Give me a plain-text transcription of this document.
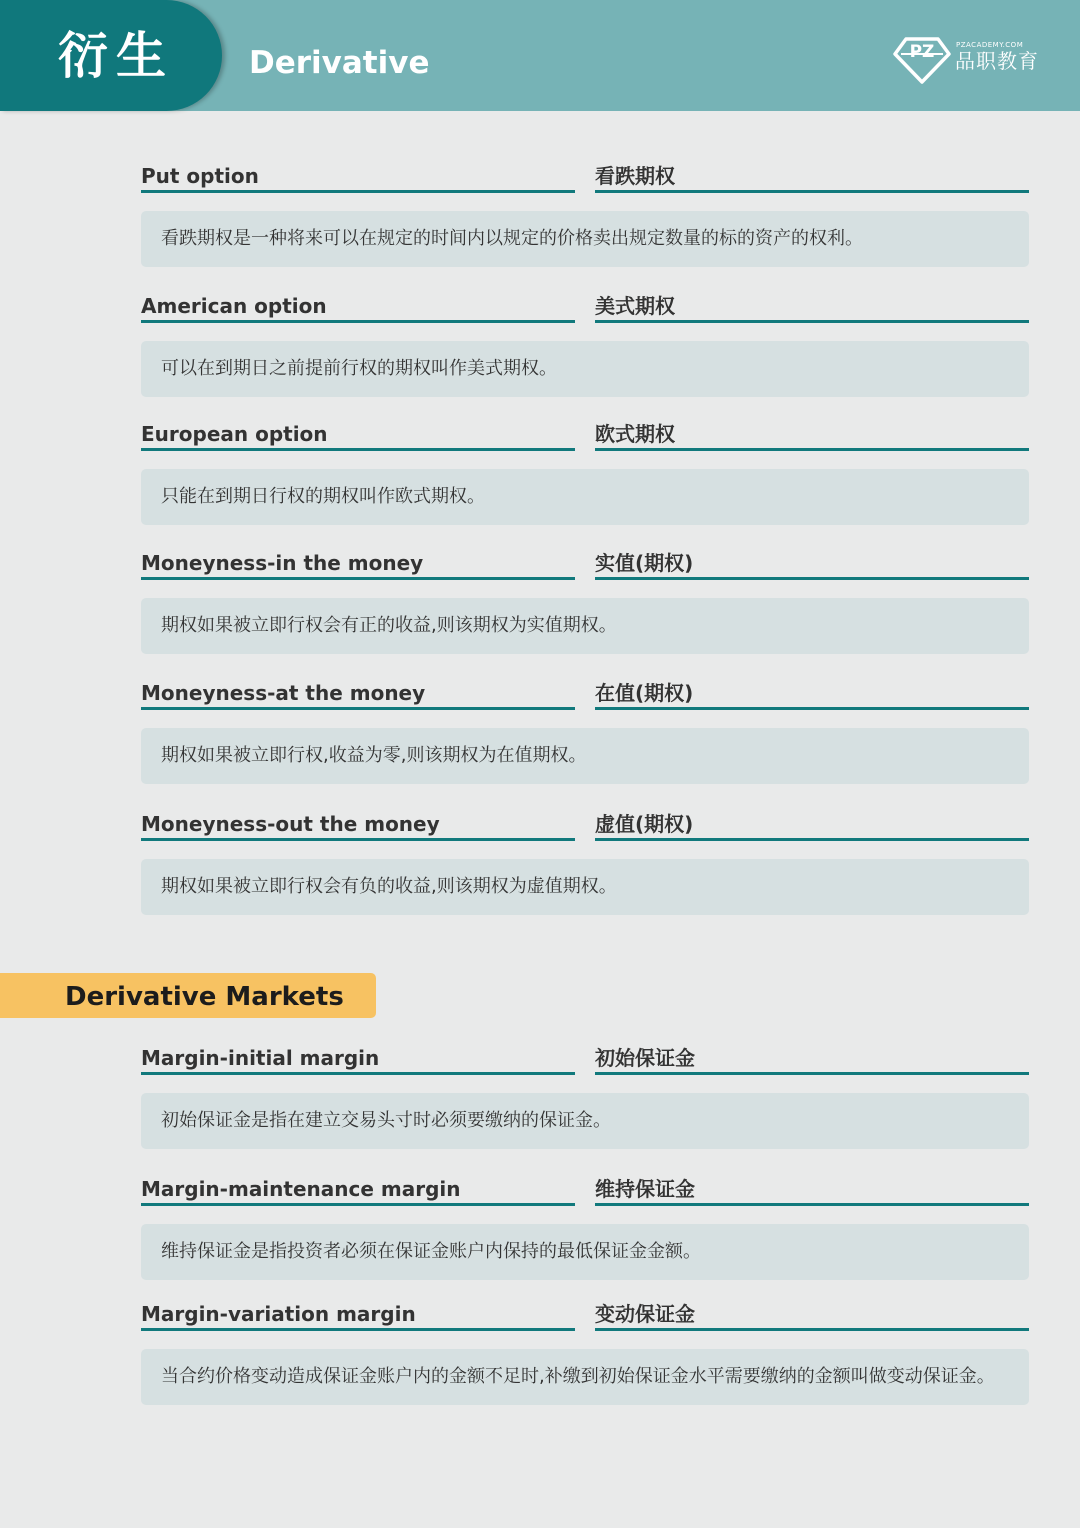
衍生 Derivative	PZ	PZACADEMY.COM
品职教育
Put option	看跌期权
看跌期权是一种将来可以在规定的时间内以规定的价格卖出规定数量的标的资产的权利。
American option	美式期权
可以在到期日之前提前行权的期权叫作美式期权。
European option	欧式期权
只能在到期日行权的期权叫作欧式期权。
Moneyness-in the money	实值(期权)
期权如果被立即行权会有正的收益,则该期权为实值期权。
Moneyness-at the money	在值(期权)
期权如果被立即行权,收益为零,则该期权为在值期权。
Moneyness-out the money	虚值(期权)
期权如果被立即行权会有负的收益,则该期权为虚值期权。
Derivative Markets
Margin-initial margin	初始保证金
初始保证金是指在建立交易头寸时必须要缴纳的保证金。
Margin-maintenance margin	维持保证金
维持保证金是指投资者必须在保证金账户内保持的最低保证金金额。
Margin-variation margin	变动保证金
当合约价格变动造成保证金账户内的金额不足时,补缴到初始保证金水平需要缴纳的金额叫做变动保证金。
